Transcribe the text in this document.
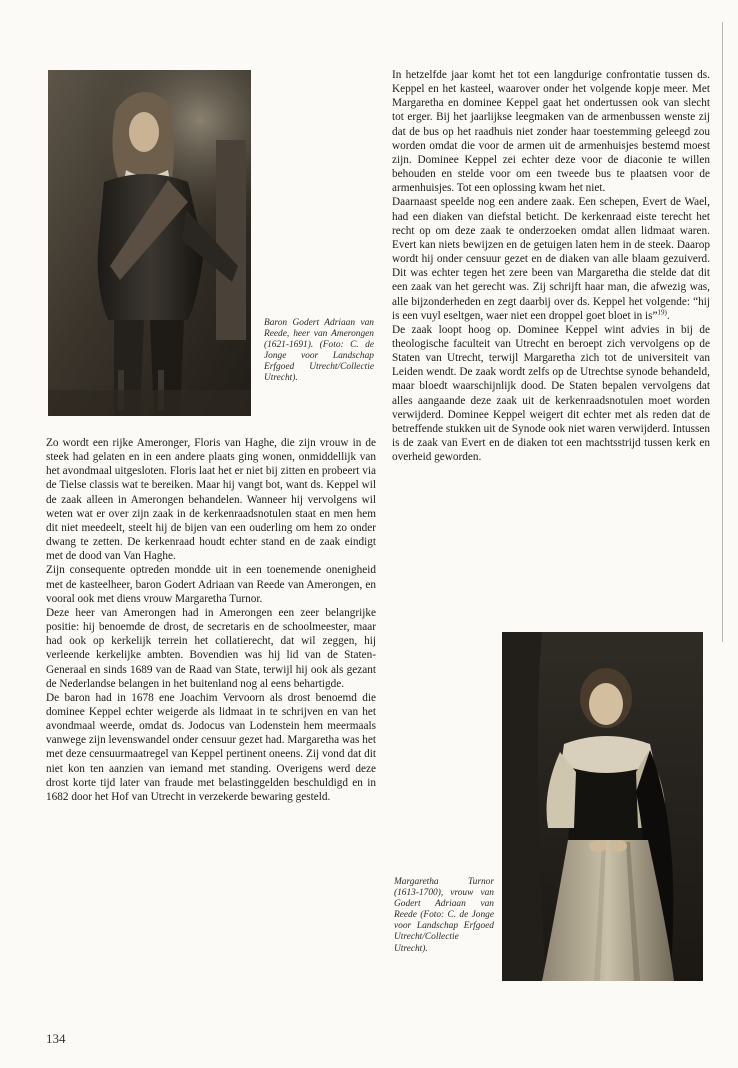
Baron Godert Adriaan van Reede, heer van Amerongen (1621-1691). (Foto: C. de Jonge voor Landschap Erfgoed Utrecht/Collectie Utrecht).

Zo wordt een rijke Ameronger, Floris van Haghe, die zijn vrouw in de steek had gelaten en in een andere plaats ging wonen, onmiddellijk van het avondmaal uitgesloten. Floris laat het er niet bij zitten en probeert via de Tielse classis wat te bereiken. Maar hij vangt bot, want ds. Keppel wil de zaak alleen in Amerongen behandelen. Wanneer hij vervolgens wil weten wat er over zijn zaak in de kerkenraadsnotulen staat en men hem dit niet meedeelt, steelt hij de bijen van een ouderling om hem zo onder dwang te zetten. De kerkenraad houdt echter stand en de zaak eindigt met de dood van Van Haghe.

Zijn consequente optreden mondde uit in een toenemende onenigheid met de kasteelheer, baron Godert Adriaan van Reede van Amerongen, en vooral ook met diens vrouw Margaretha Turnor.

Deze heer van Amerongen had in Amerongen een zeer belangrijke positie: hij benoemde de drost, de secretaris en de schoolmeester, maar had ook op kerkelijk terrein het collatierecht, dat wil zeggen, hij verleende kerkelijke ambten. Bovendien was hij lid van de Staten-Generaal en sinds 1689 van de Raad van State, terwijl hij ook als gezant de Nederlandse belangen in het buitenland nog al eens behartigde.

De baron had in 1678 ene Joachim Vervoorn als drost benoemd die dominee Keppel echter weigerde als lidmaat in te schrijven en van het avondmaal weerde, omdat ds. Jodocus van Lodenstein hem meermaals vanwege zijn levenswandel onder censuur gezet had. Margaretha was het met deze censuurmaatregel van Keppel pertinent oneens. Zij vond dat dit niet kon ten aanzien van iemand met standing. Overigens werd deze drost korte tijd later van fraude met belastinggelden beschuldigd en in 1682 door het Hof van Utrecht in verzekerde bewaring gesteld.

In hetzelfde jaar komt het tot een langdurige confrontatie tussen ds. Keppel en het kasteel, waarover onder het volgende kopje meer. Met Margaretha en dominee Keppel gaat het ondertussen ook van slecht tot erger. Bij het jaarlijkse leegmaken van de armenbussen wenste zij dat de bus op het raadhuis niet zonder haar toestemming geleegd zou worden omdat die voor de armen uit de armenhuisjes bestemd moest zijn. Dominee Keppel zei echter deze voor de diaconie te willen behouden en stelde voor om een tweede bus te plaatsen voor de armenhuisjes. Tot een oplossing kwam het niet.

Daarnaast speelde nog een andere zaak. Een schepen, Evert de Wael, had een diaken van diefstal beticht. De kerkenraad eiste terecht het recht op om deze zaak te onderzoeken omdat allen lidmaat waren. Evert kan niets bewijzen en de getuigen laten hem in de steek. Daarop wordt hij onder censuur gezet en de diaken van alle blaam gezuiverd. Dit was echter tegen het zere been van Margaretha die stelde dat dit een zaak van het gerecht was. Zij schrijft haar man, die afwezig was, alle bijzonderheden en zegt daarbij over ds. Keppel het volgende: “hij is een vuyl eseltgen, waer niet een droppel goet bloet in is”$^{19)}$.

De zaak loopt hoog op. Dominee Keppel wint advies in bij de theologische faculteit van Utrecht en beroept zich vervolgens op de Staten van Utrecht, terwijl Margaretha zich tot de universiteit van Leiden wendt. De zaak wordt zelfs op de Utrechtse synode behandeld, maar bloedt waarschijnlijk dood. De Staten bepalen vervolgens dat alles aangaande deze zaak uit de kerkenraadsnotulen moet worden verwijderd. Dominee Keppel weigert dit echter met als reden dat de betreffende stukken uit de Synode ook niet waren verwijderd. Intussen is de zaak van Evert en de diaken tot een machtsstrijd tussen kerk en overheid geworden.

Margaretha Turnor (1613-1700), vrouw van Godert Adriaan van Reede (Foto: C. de Jonge voor Landschap Erfgoed Utrecht/Collectie Utrecht).

134
